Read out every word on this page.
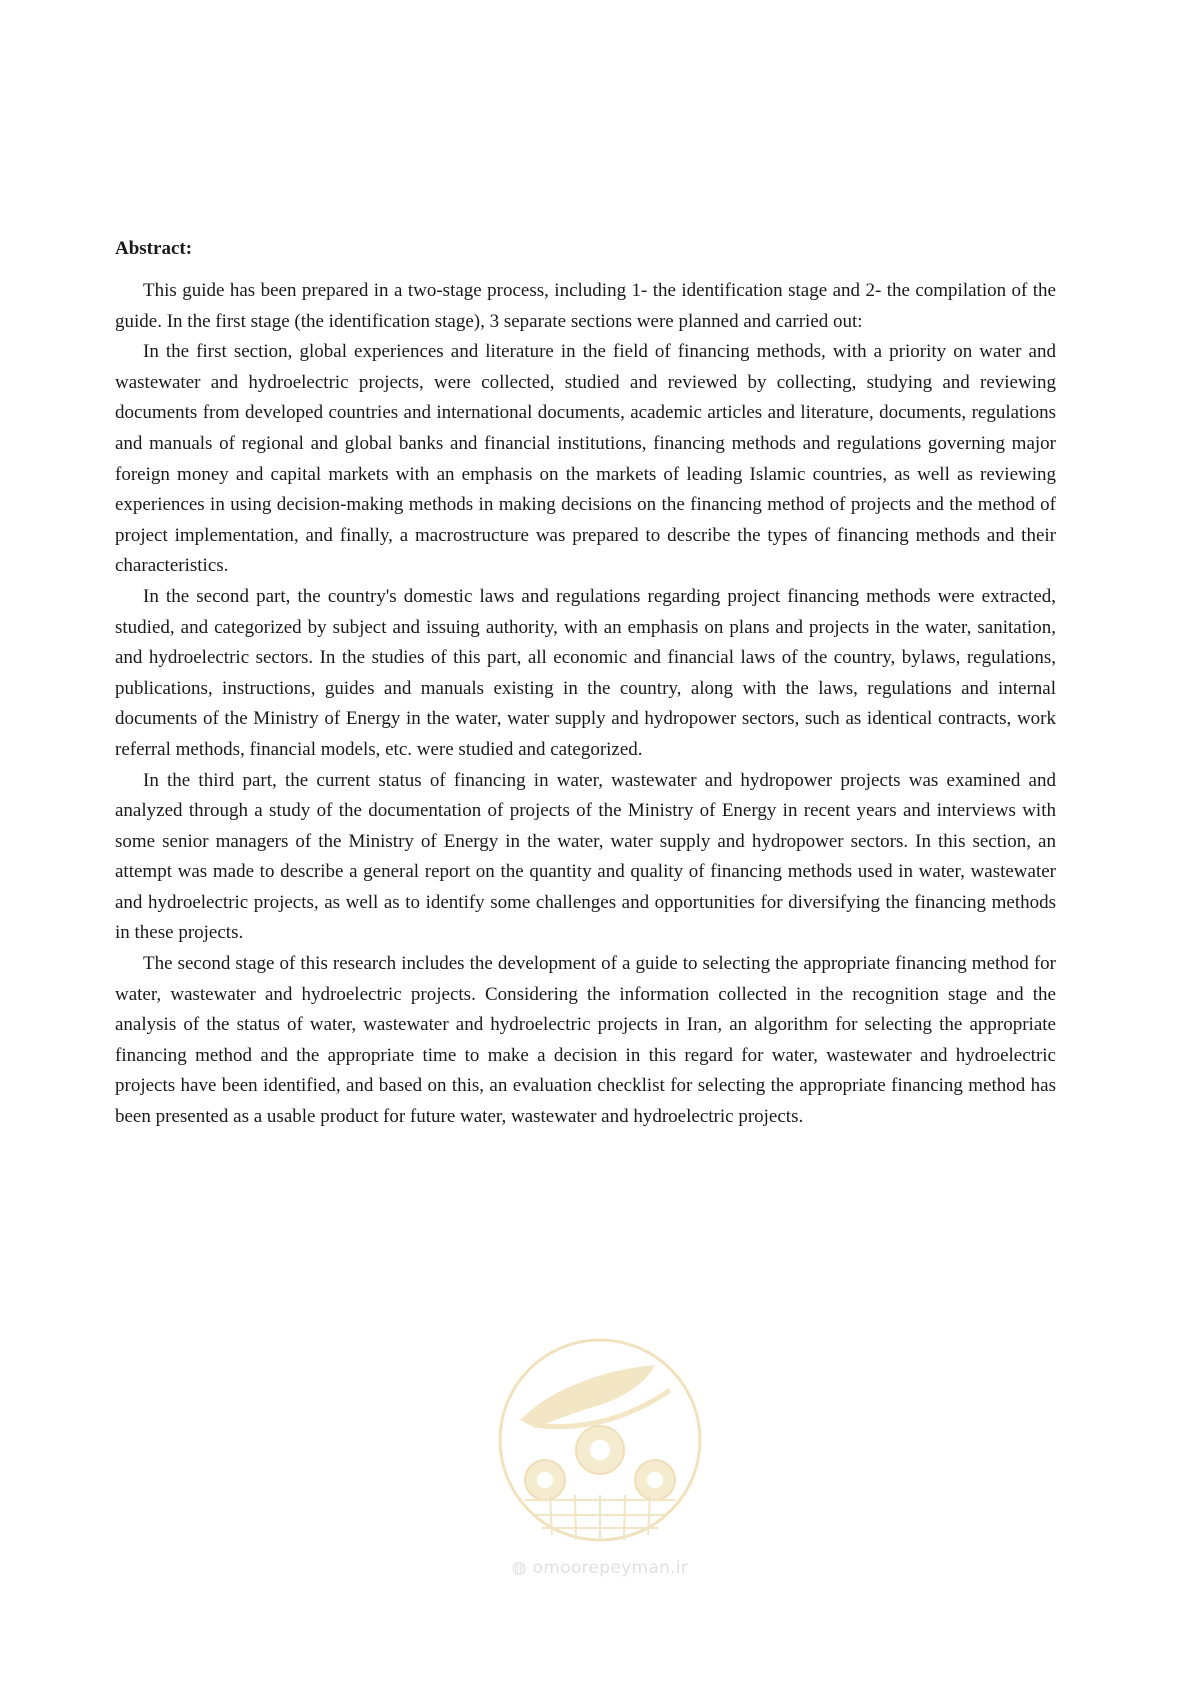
Abstract:

This guide has been prepared in a two-stage process, including 1- the identification stage and 2- the compilation of the guide. In the first stage (the identification stage), 3 separate sections were planned and carried out:

In the first section, global experiences and literature in the field of financing methods, with a priority on water and wastewater and hydroelectric projects, were collected, studied and reviewed by collecting, studying and reviewing documents from developed countries and international documents, academic articles and literature, documents, regulations and manuals of regional and global banks and financial institutions, financing methods and regulations governing major foreign money and capital markets with an emphasis on the markets of leading Islamic countries, as well as reviewing experiences in using decision-making methods in making decisions on the financing method of projects and the method of project implementation, and finally, a macrostructure was prepared to describe the types of financing methods and their characteristics.

In the second part, the country's domestic laws and regulations regarding project financing methods were extracted, studied, and categorized by subject and issuing authority, with an emphasis on plans and projects in the water, sanitation, and hydroelectric sectors. In the studies of this part, all economic and financial laws of the country, bylaws, regulations, publications, instructions, guides and manuals existing in the country, along with the laws, regulations and internal documents of the Ministry of Energy in the water, water supply and hydropower sectors, such as identical contracts, work referral methods, financial models, etc. were studied and categorized.

In the third part, the current status of financing in water, wastewater and hydropower projects was examined and analyzed through a study of the documentation of projects of the Ministry of Energy in recent years and interviews with some senior managers of the Ministry of Energy in the water, water supply and hydropower sectors. In this section, an attempt was made to describe a general report on the quantity and quality of financing methods used in water, wastewater and hydroelectric projects, as well as to identify some challenges and opportunities for diversifying the financing methods in these projects.

The second stage of this research includes the development of a guide to selecting the appropriate financing method for water, wastewater and hydroelectric projects. Considering the information collected in the recognition stage and the analysis of the status of water, wastewater and hydroelectric projects in Iran, an algorithm for selecting the appropriate financing method and the appropriate time to make a decision in this regard for water, wastewater and hydroelectric projects have been identified, and based on this, an evaluation checklist for selecting the appropriate financing method has been presented as a usable product for future water, wastewater and hydroelectric projects.

◍ omoorepeyman.ir
